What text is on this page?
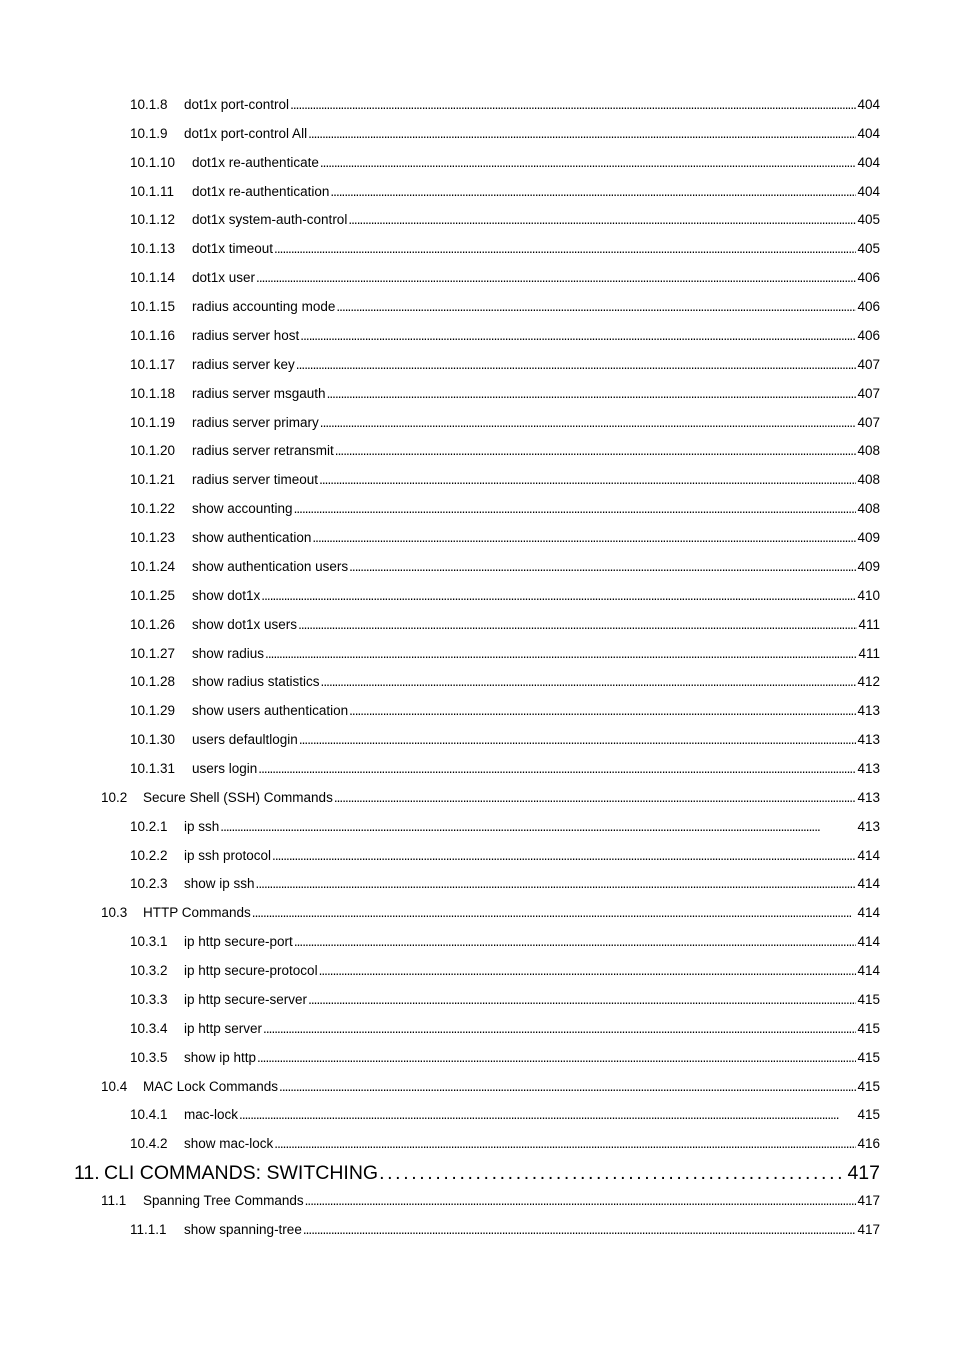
10.1.8	dot1x port-control . . .	404
10.1.9	dot1x port-control All . . .	404
10.1.10	dot1x re-authenticate . . .	404
10.1.11	dot1x re-authentication . . .	404
10.1.12	dot1x system-auth-control . . .	405
10.1.13	dot1x timeout . . .	405
10.1.14	dot1x user . . .	406
10.1.15	radius accounting mode . . .	406
10.1.16	radius server host . . .	406
10.1.17	radius server key . . .	407
10.1.18	radius server msgauth . . .	407
10.1.19	radius server primary . . .	407
10.1.20	radius server retransmit . . .	408
10.1.21	radius server timeout . . .	408
10.1.22	show accounting . . .	408
10.1.23	show authentication . . .	409
10.1.24	show authentication users . . .	409
10.1.25	show dot1x . . .	410
10.1.26	show dot1x users . . .	411
10.1.27	show radius . . .	411
10.1.28	show radius statistics . . .	412
10.1.29	show users authentication . . .	413
10.1.30	users defaultlogin . . .	413
10.1.31	users login . . .	413
10.2	Secure Shell (SSH) Commands . . .	413
10.2.1	ip ssh . . .	413
10.2.2	ip ssh protocol . . .	414
10.2.3	show ip ssh . . .	414
10.3	HTTP Commands . . .	414
10.3.1	ip http secure-port . . .	414
10.3.2	ip http secure-protocol . . .	414
10.3.3	ip http secure-server . . .	415
10.3.4	ip http server . . .	415
10.3.5	show ip http . . .	415
10.4	MAC Lock Commands . . .	415
10.4.1	mac-lock . . .	415
10.4.2	show mac-lock . . .	416
11. CLI COMMANDS: SWITCHING . . .	417
11.1	Spanning Tree Commands . . .	417
11.1.1	show spanning-tree . . .	417
